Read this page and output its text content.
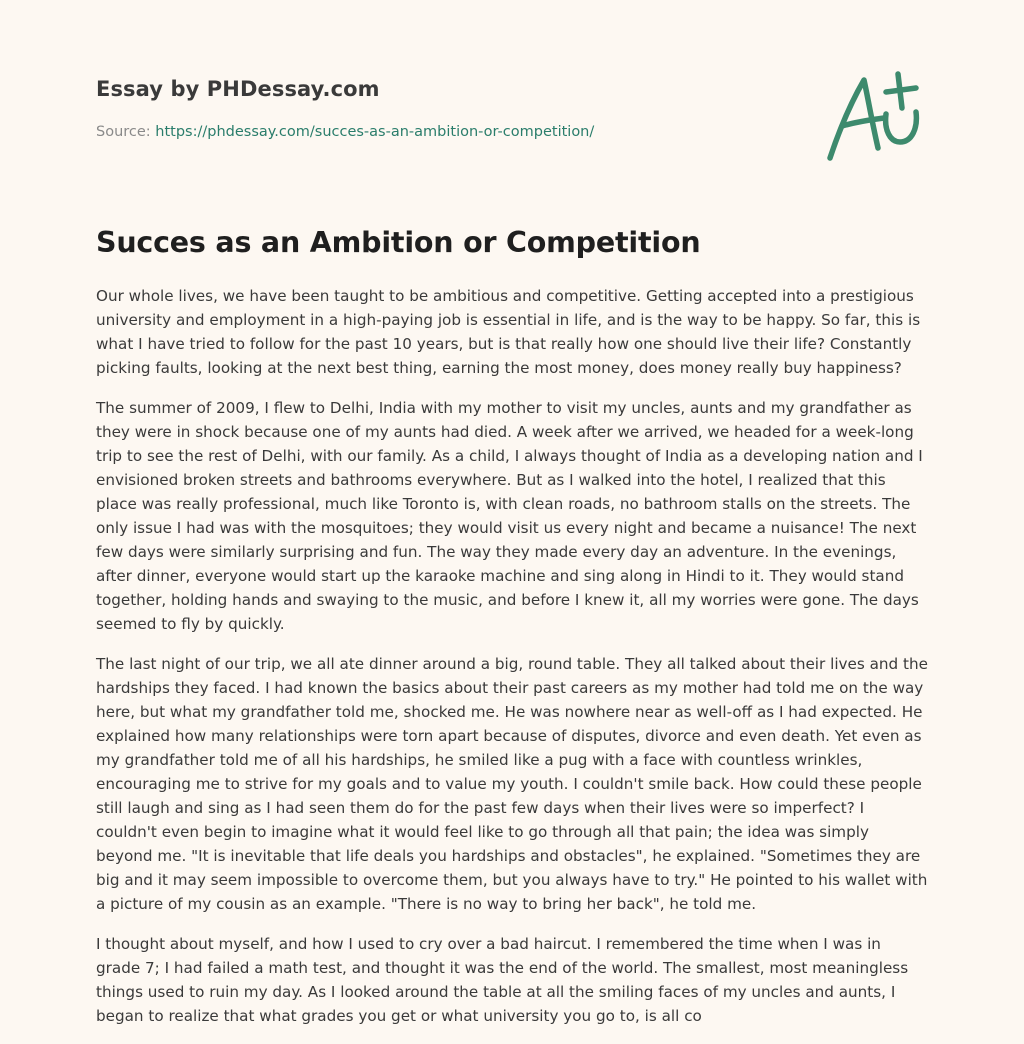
Essay by PHDessay.com
Source: https://phdessay.com/succes-as-an-ambition-or-competition/
Succes as an Ambition or Competition

Our whole lives, we have been taught to be ambitious and competitive. Getting accepted into a prestigious university and employment in a high-paying job is essential in life, and is the way to be happy. So far, this is what I have tried to follow for the past 10 years, but is that really how one should live their life? Constantly picking faults, looking at the next best thing, earning the most money, does money really buy happiness?

The summer of 2009, I flew to Delhi, India with my mother to visit my uncles, aunts and my grandfather as they were in shock because one of my aunts had died. A week after we arrived, we headed for a week-long trip to see the rest of Delhi, with our family. As a child, I always thought of India as a developing nation and I envisioned broken streets and bathrooms everywhere. But as I walked into the hotel, I realized that this place was really professional, much like Toronto is, with clean roads, no bathroom stalls on the streets. The only issue I had was with the mosquitoes; they would visit us every night and became a nuisance! The next few days were similarly surprising and fun. The way they made every day an adventure. In the evenings, after dinner, everyone would start up the karaoke machine and sing along in Hindi to it. They would stand together, holding hands and swaying to the music, and before I knew it, all my worries were gone. The days seemed to fly by quickly.

The last night of our trip, we all ate dinner around a big, round table. They all talked about their lives and the hardships they faced. I had known the basics about their past careers as my mother had told me on the way here, but what my grandfather told me, shocked me. He was nowhere near as well-off as I had expected. He explained how many relationships were torn apart because of disputes, divorce and even death. Yet even as my grandfather told me of all his hardships, he smiled like a pug with a face with countless wrinkles, encouraging me to strive for my goals and to value my youth. I couldn't smile back. How could these people still laugh and sing as I had seen them do for the past few days when their lives were so imperfect? I couldn't even begin to imagine what it would feel like to go through all that pain; the idea was simply beyond me. "It is inevitable that life deals you hardships and obstacles", he explained. "Sometimes they are big and it may seem impossible to overcome them, but you always have to try." He pointed to his wallet with a picture of my cousin as an example. "There is no way to bring her back", he told me.

I thought about myself, and how I used to cry over a bad haircut. I remembered the time when I was in grade 7; I had failed a math test, and thought it was the end of the world. The smallest, most meaningless things used to ruin my day. As I looked around the table at all the smiling faces of my uncles and aunts, I began to realize that what grades you get or what university you go to, is all co
